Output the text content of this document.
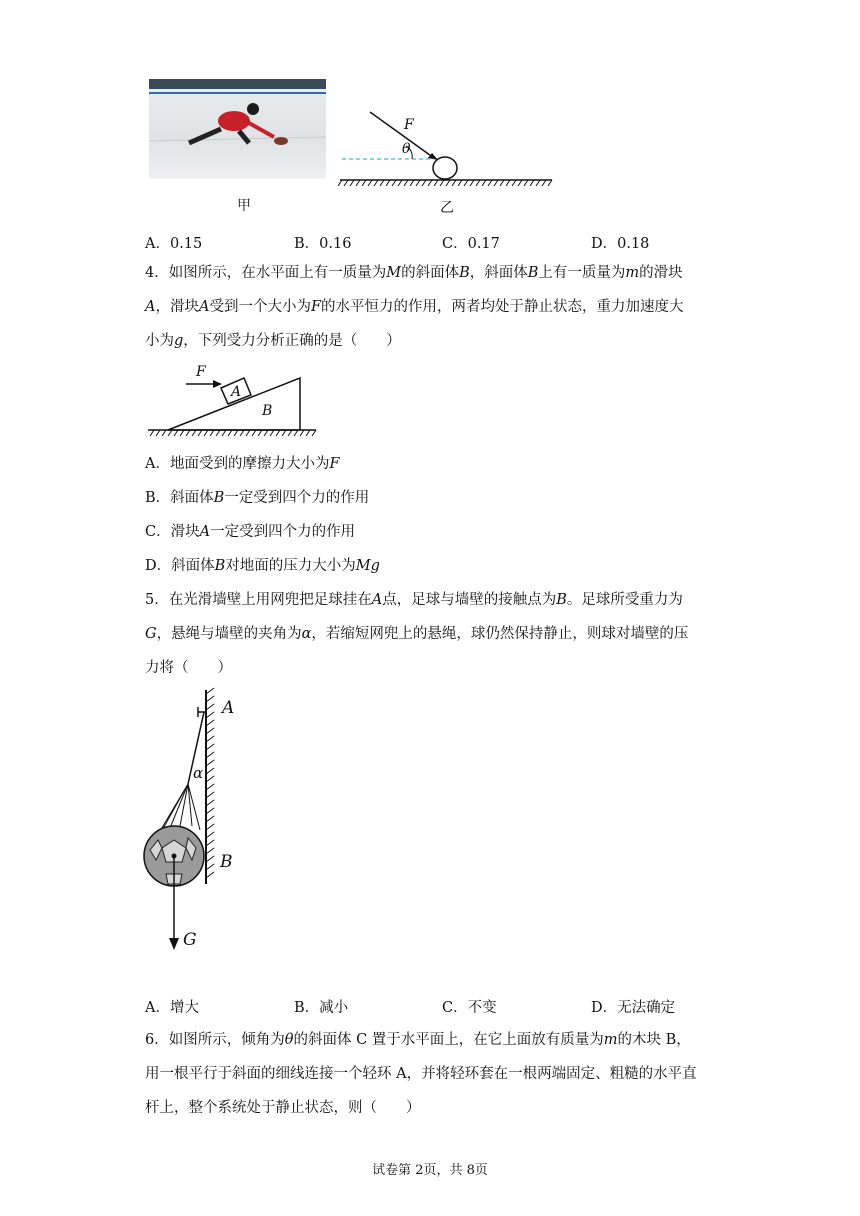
甲
F
θ
乙
A．0.15	B．0.16	C．0.17	D．0.18
4．如图所示，在水平面上有一质量为M的斜面体B，斜面体B上有一质量为m的滑块
A，滑块A受到一个大小为F的水平恒力的作用，两者均处于静止状态，重力加速度大
小为g，下列受力分析正确的是（　　）
F
A
B
A．地面受到的摩擦力大小为F
B．斜面体B一定受到四个力的作用
C．滑块A一定受到四个力的作用
D．斜面体B对地面的压力大小为Mg
5．在光滑墙壁上用网兜把足球挂在A点，足球与墙壁的接触点为B。足球所受重力为
G，悬绳与墙壁的夹角为α，若缩短网兜上的悬绳，球仍然保持静止，则球对墙壁的压
力将（　　）
A
α
B
G
A．增大	B．减小	C．不变	D．无法确定
6．如图所示，倾角为θ的斜面体 C 置于水平面上，在它上面放有质量为m的木块 B，
用一根平行于斜面的细线连接一个轻环 A，并将轻环套在一根两端固定、粗糙的水平直
杆上，整个系统处于静止状态，则（　　）
试卷第 2页，共 8页
